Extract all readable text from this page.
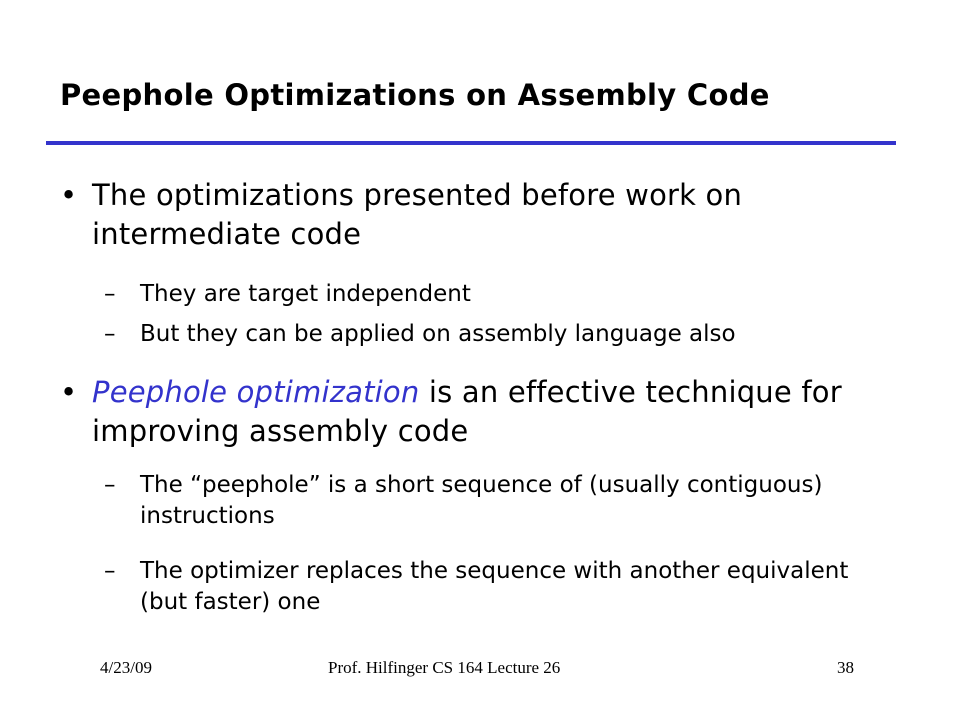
Peephole Optimizations on Assembly Code
• The optimizations presented before work on intermediate code
– They are target independent
– But they can be applied on assembly language also
• Peephole optimization is an effective technique for improving assembly code
– The “peephole” is a short sequence of (usually contiguous) instructions
– The optimizer replaces the sequence with another equivalent (but faster) one
4/23/09	Prof. Hilfinger CS 164 Lecture 26	38
